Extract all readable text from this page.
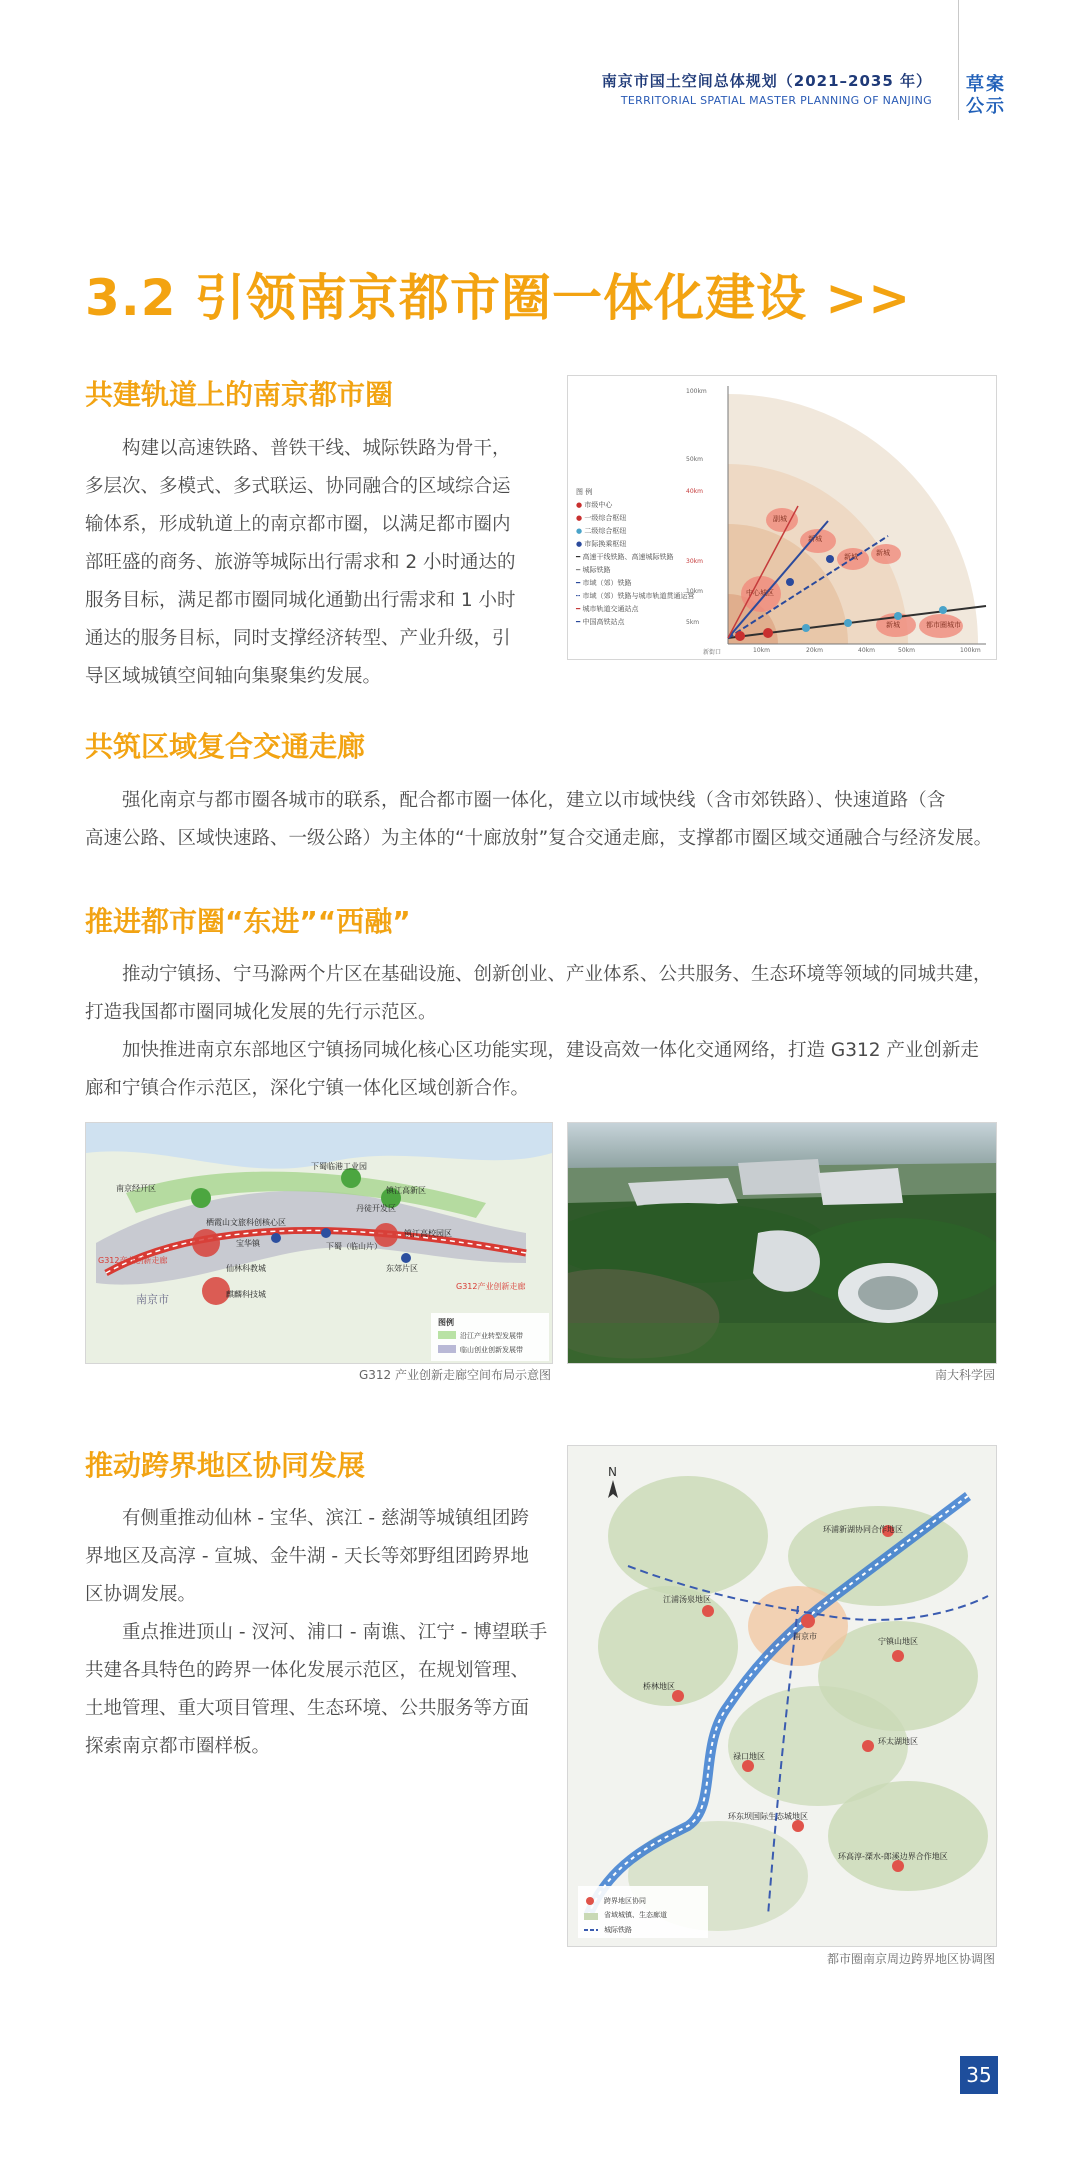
南京市国土空间总体规划（2021–2035 年）
TERRITORIAL SPATIAL MASTER PLANNING OF NANJING
草案
公示
3.2 引领南京都市圈一体化建设 >>
共建轨道上的南京都市圈
构建以高速铁路、普铁干线、城际铁路为骨干，
多层次、多模式、多式联运、协同融合的区域综合运
输体系，形成轨道上的南京都市圈，以满足都市圈内
部旺盛的商务、旅游等城际出行需求和 2 小时通达的
服务目标，满足都市圈同城化通勤出行需求和 1 小时
通达的服务目标，同时支撑经济转型、产业升级，引
导区域城镇空间轴向集聚集约发展。
图 例
● 市级中心
● 一级综合枢纽
● 二级综合枢纽
● 市际换乘枢纽
━ 高速干线铁路、高速城际铁路
━ 城际铁路
━ 市域（郊）铁路
┅ 市域（郊）铁路与城市轨道贯通运营
━ 城市轨道交通站点
━ 中国高铁站点
100km
50km
40km
30km
10km
5km
新街口	10km	20km	40km	50km	100km
中心城区
副城
新城
新城	新城
新城	都市圈城市
共筑区域复合交通走廊
强化南京与都市圈各城市的联系，配合都市圈一体化，建立以市域快线（含市郊铁路）、快速道路（含
高速公路、区域快速路、一级公路）为主体的“十廊放射”复合交通走廊，支撑都市圈区域交通融合与经济发展。
推进都市圈“东进”“西融”
推动宁镇扬、宁马滁两个片区在基础设施、创新创业、产业体系、公共服务、生态环境等领域的同城共建，
打造我国都市圈同城化发展的先行示范区。
加快推进南京东部地区宁镇扬同城化核心区功能实现，建设高效一体化交通网络，打造 G312 产业创新走
廊和宁镇合作示范区，深化宁镇一体化区域创新合作。
南京经开区
栖霞山文旅科创核心区
下蜀临港工业园
镇江高新区
丹徒开发区
宝华镇	下蜀（临山片）
镇江高校园区
仙林科教城
麒麟科技城
G312产业创新走廊
南京市
东郊片区
G312产业创新走廊
图例
沿江产业转型发展带
临山创业创新发展带
G312 产业创新走廊空间布局示意图	南大科学园
推动跨界地区协同发展
有侧重推动仙林 - 宝华、滨江 - 慈湖等城镇组团跨
界地区及高淳 - 宣城、金牛湖 - 天长等郊野组团跨界地
区协调发展。
重点推进顶山 - 汊河、浦口 - 南谯、江宁 - 博望联手
共建各具特色的跨界一体化发展示范区，在规划管理、
土地管理、重大项目管理、生态环境、公共服务等方面
探索南京都市圈样板。
N
环浦新湖协同合作地区
江浦汤泉地区
南京市
宁镇山地区
桥林地区
环太湖地区
禄口地区
环东坝国际生态城地区
环高淳-溧水-郎溪边界合作地区
跨界地区协同
省域城镇、生态廊道
城际铁路
都市圈南京周边跨界地区协调图
35
